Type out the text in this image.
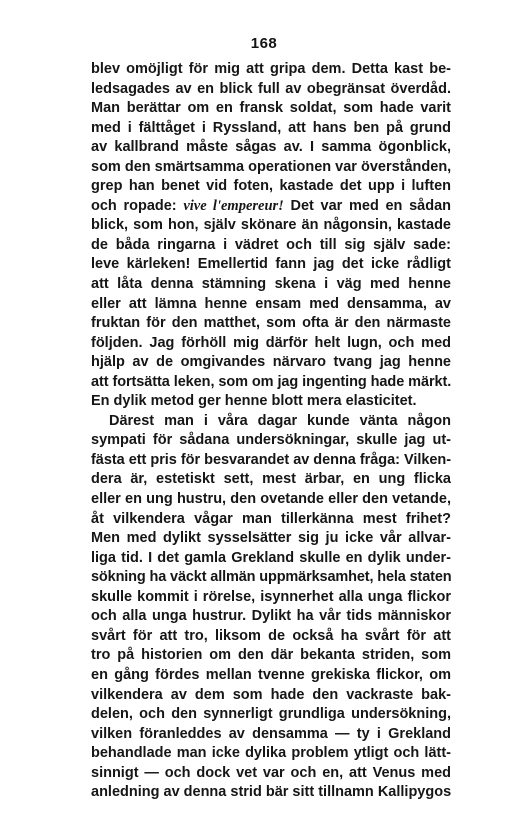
168
blev omöjligt för mig att gripa dem. Detta kast be-
ledsagades av en blick full av obegränsat överdåd.
Man berättar om en fransk soldat, som hade varit
med i fälttåget i Ryssland, att hans ben på grund
av kallbrand måste sågas av. I samma ögonblick,
som den smärtsamma operationen var överstånden,
grep han benet vid foten, kastade det upp i luften
och ropade: vive l'empereur! Det var med en sådan
blick, som hon, själv skönare än någonsin, kastade
de båda ringarna i vädret och till sig själv sade:
leve kärleken! Emellertid fann jag det icke rådligt
att låta denna stämning skena i väg med henne
eller att lämna henne ensam med densamma, av
fruktan för den matthet, som ofta är den närmaste
följden. Jag förhöll mig därför helt lugn, och med
hjälp av de omgivandes närvaro tvang jag henne
att fortsätta leken, som om jag ingenting hade märkt.
En dylik metod ger henne blott mera elasticitet.
Därest man i våra dagar kunde vänta någon
sympati för sådana undersökningar, skulle jag ut-
fästa ett pris för besvarandet av denna fråga: Vilken-
dera är, estetiskt sett, mest ärbar, en ung flicka
eller en ung hustru, den ovetande eller den vetande,
åt vilkendera vågar man tillerkänna mest frihet?
Men med dylikt sysselsätter sig ju icke vår allvar-
liga tid. I det gamla Grekland skulle en dylik under-
sökning ha väckt allmän uppmärksamhet, hela staten
skulle kommit i rörelse, isynnerhet alla unga flickor
och alla unga hustrur. Dylikt ha vår tids människor
svårt för att tro, liksom de också ha svårt för att
tro på historien om den där bekanta striden, som
en gång fördes mellan tvenne grekiska flickor, om
vilkendera av dem som hade den vackraste bak-
delen, och den synnerligt grundliga undersökning,
vilken föranleddes av densamma — ty i Grekland
behandlade man icke dylika problem ytligt och lätt-
sinnigt — och dock vet var och en, att Venus med
anledning av denna strid bär sitt tillnamn Kallipygos
